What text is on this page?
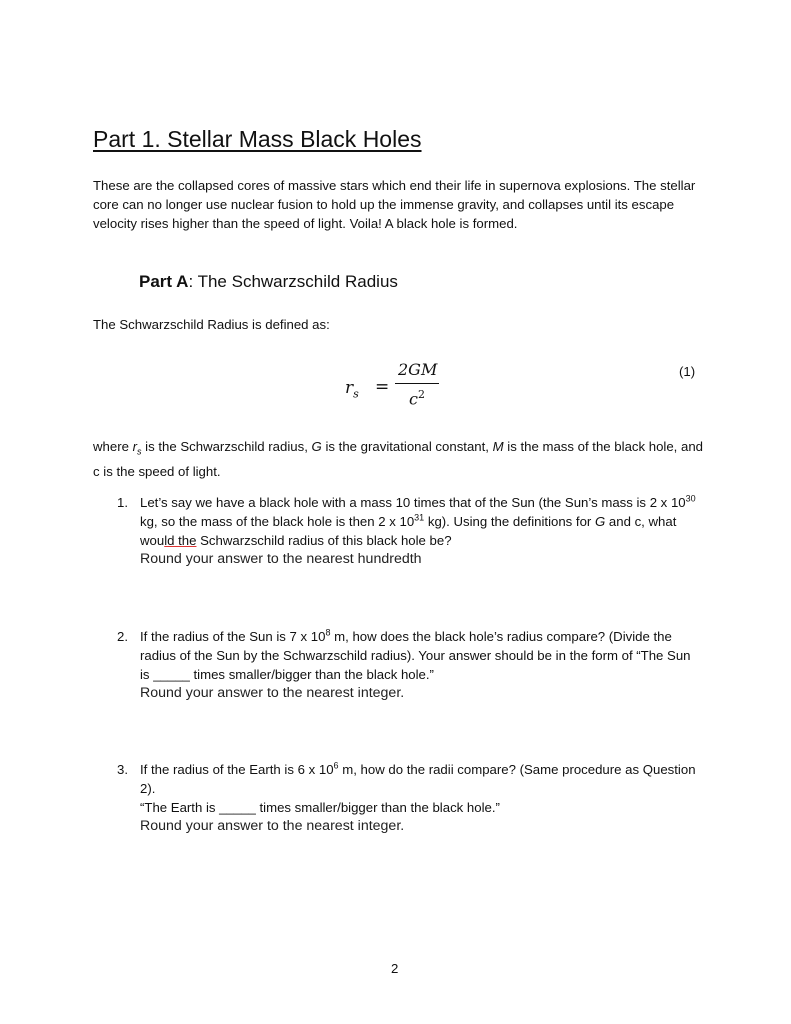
Part 1. Stellar Mass Black Holes

These are the collapsed cores of massive stars which end their life in supernova explosions. The stellar core can no longer use nuclear fusion to hold up the immense gravity, and collapses until its escape velocity rises higher than the speed of light. Voila! A black hole is formed.

Part A: The Schwarzschild Radius

The Schwarzschild Radius is defined as:

$r_s$ =
2GM
$c^2$
(1)

where $r_s$ is the Schwarzschild radius, G is the gravitational constant, M is the mass of the black hole, and c is the speed of light.

1. Let’s say we have a black hole with a mass 10 times that of the Sun (the Sun’s mass is 2 x $10^{30}$ kg, so the mass of the black hole is then 2 x $10^{31}$ kg). Using the definitions for G and c, what would the Schwarzschild radius of this black hole be?
Round your answer to the nearest hundredth
2. If the radius of the Sun is 7 x $10^8$ m, how does the black hole’s radius compare? (Divide the radius of the Sun by the Schwarzschild radius). Your answer should be in the form of “The Sun is _____ times smaller/bigger than the black hole.”
Round your answer to the nearest integer.
3. If the radius of the Earth is 6 x $10^6$ m, how do the radii compare? (Same procedure as Question 2).
“The Earth is _____ times smaller/bigger than the black hole.”
Round your answer to the nearest integer.
2
